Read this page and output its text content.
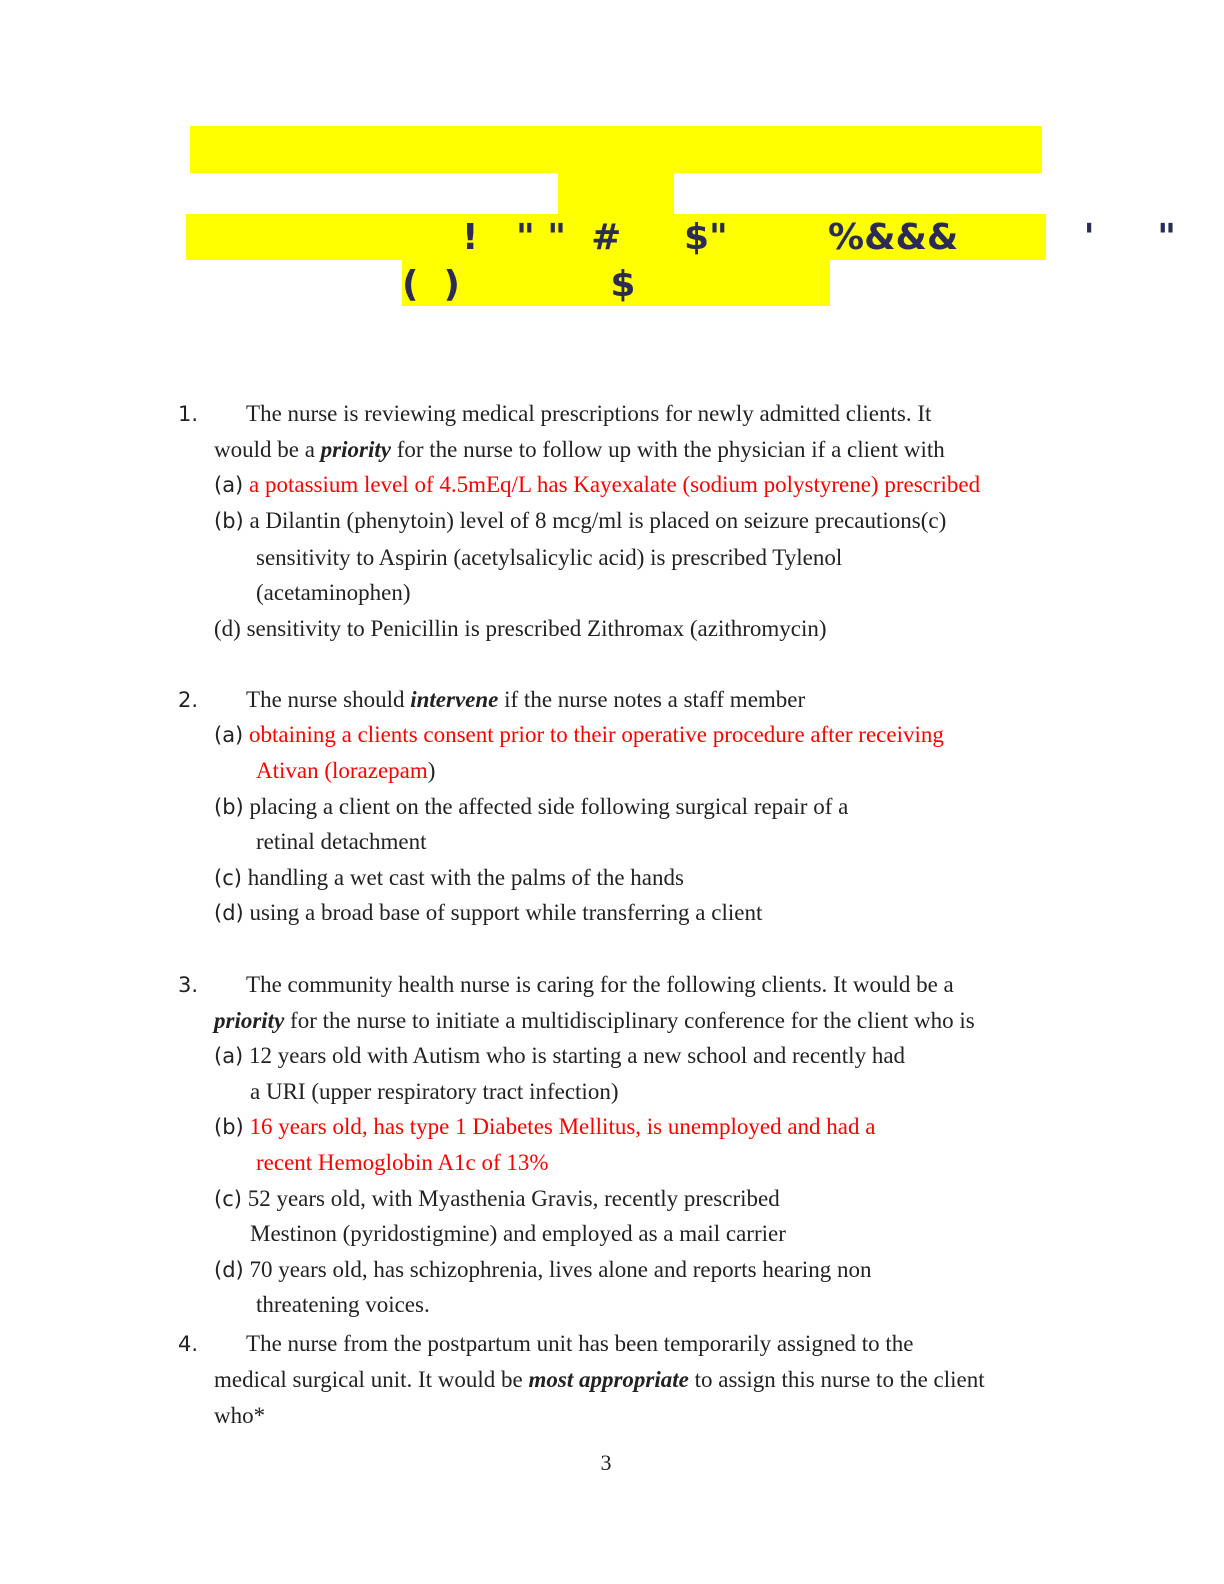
!   " "  #     $"        %&&&          '     "
(  )            $
1. The nurse is reviewing medical prescriptions for newly admitted clients. It
would be a priority for the nurse to follow up with the physician if a client with
(a) a potassium level of 4.5mEq/L has Kayexalate (sodium polystyrene) prescribed
(b) a Dilantin (phenytoin) level of 8 mcg/ml is placed on seizure precautions(c)
sensitivity to Aspirin (acetylsalicylic acid) is prescribed Tylenol
(acetaminophen)
(d) sensitivity to Penicillin is prescribed Zithromax (azithromycin)
2. The nurse should intervene if the nurse notes a staff member
(a) obtaining a clients consent prior to their operative procedure after receiving
Ativan (lorazepam)
(b) placing a client on the affected side following surgical repair of a
retinal detachment
(c) handling a wet cast with the palms of the hands
(d) using a broad base of support while transferring a client
3. The community health nurse is caring for the following clients. It would be a
priority for the nurse to initiate a multidisciplinary conference for the client who is
(a) 12 years old with Autism who is starting a new school and recently had
a URI (upper respiratory tract infection)
(b) 16 years old, has type 1 Diabetes Mellitus, is unemployed and had a
recent Hemoglobin A1c of 13%
(c) 52 years old, with Myasthenia Gravis, recently prescribed
Mestinon (pyridostigmine) and employed as a mail carrier
(d) 70 years old, has schizophrenia, lives alone and reports hearing non
threatening voices.
4. The nurse from the postpartum unit has been temporarily assigned to the
medical surgical unit. It would be most appropriate to assign this nurse to the client
who*
3
